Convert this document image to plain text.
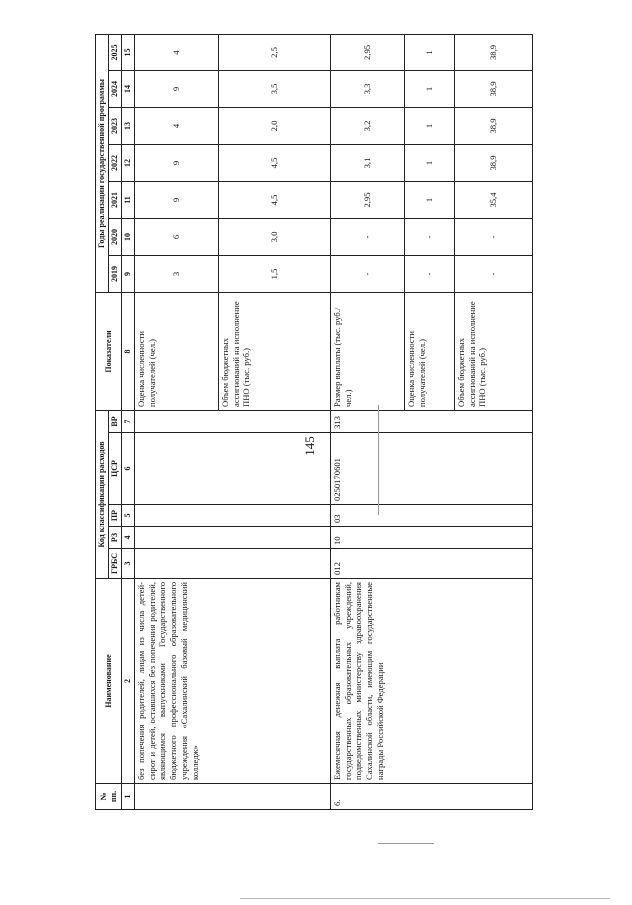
145
№ пп.	Наименование	Код классификации расходов					Показатели	Годы реализации государственной программы						
		ГРБС	РЗ	ПР	ЦСР	ВР		2019	2020	2021	2022	2023	2024	2025
1	2	3	4	5	6	7	8	9	10	11	12	13	14	15
	без попечения родителей, лицам из числа детей-сирот и детей, оставшихся без попечения родителей, являющимся выпускниками Государственного бюджетного профессионального образовательного учреждения «Сахалинский базовый медицинский колледж»						Оценка численности получателей (чел.)	3	6	9	9	4	9	4
							Объем бюджетных ассигнований на исполнение ПНО (тыс. руб.)	1,5	3,0	4,5	4,5	2,0	3,5	2,5
6.	Ежемесячная денежная выплата работникам государственных образовательных учреждений, подведомственных министерству здравоохранения Сахалинской области, имеющим государственные награды Российской Федерации	012	10	03	0250170601	313	Размер выплаты (тыс. руб./чел.)	-	-	2,95	3,1	3,2	3,3	2,95
							Оценка численности получателей (чел.)	-	-	1	1	1	1	1
							Объем бюджетных ассигнований на исполнение ПНО (тыс. руб.)	-	-	35,4	38,9	38,9	38,9	38,9
